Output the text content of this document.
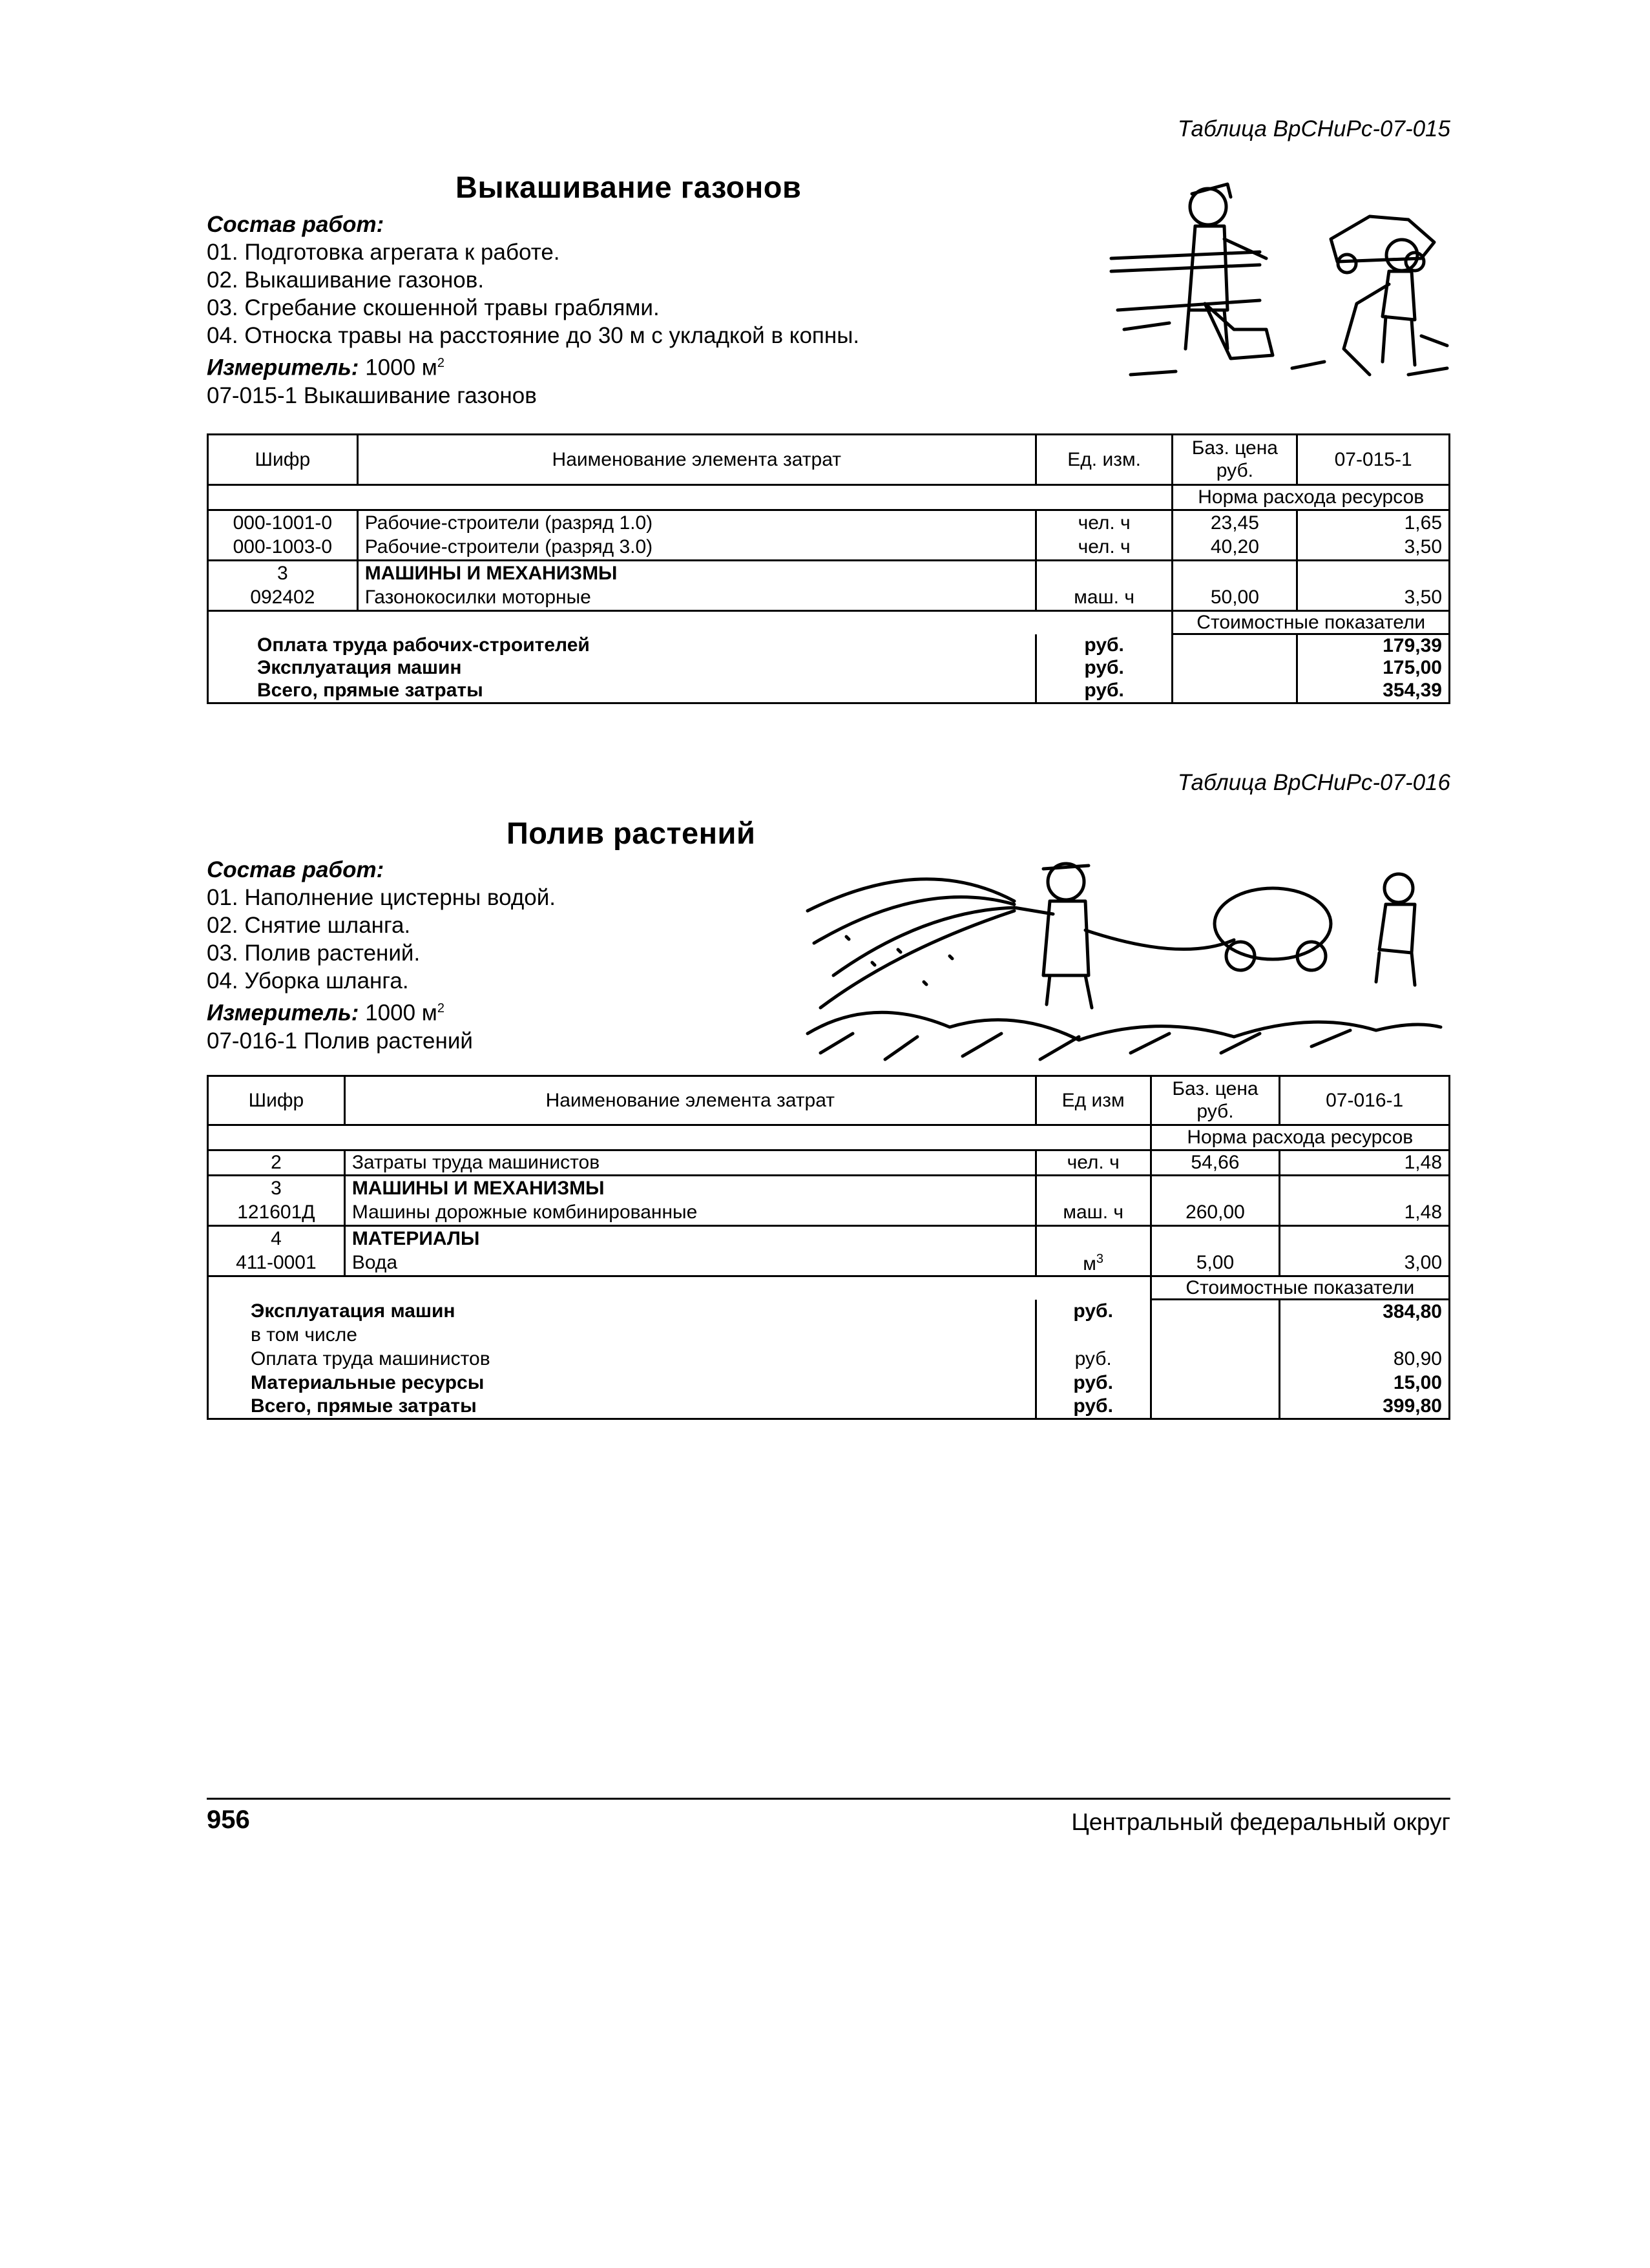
Таблица ВрСНиРс-07-015
Выкашивание газонов
Состав работ:
01. Подготовка агрегата к работе.
02. Выкашивание газонов.
03. Сгребание скошенной травы граблями.
04. Относка травы на расстояние до 30 м с укладкой в копны.
Измеритель: 1000 $м^2$
07-015-1 Выкашивание газонов
Шифр	Наименование элемента затрат	Ед. изм.	Баз. цена руб.	07-015-1
			Норма расхода ресурсов	
000-1001-0	Рабочие-строители (разряд 1.0)	чел. ч	23,45	1,65
000-1003-0	Рабочие-строители (разряд 3.0)	чел. ч	40,20	3,50
3	МАШИНЫ И МЕХАНИЗМЫ			
092402	Газонокосилки моторные	маш. ч	50,00	3,50
			Стоимостные показатели	
Оплата труда рабочих-строителей		руб.		179,39
Эксплуатация машин		руб.		175,00
Всего, прямые затраты		руб.		354,39
Таблица ВрСНиРс-07-016
Полив растений
Состав работ:
01. Наполнение цистерны водой.
02. Снятие шланга.
03. Полив растений.
04. Уборка шланга.
Измеритель: 1000 $м^2$
07-016-1 Полив растений
Шифр	Наименование элемента затрат	Ед изм	Баз. цена руб.	07-016-1
			Норма расхода ресурсов	
2	Затраты труда машинистов	чел. ч	54,66	1,48
3	МАШИНЫ И МЕХАНИЗМЫ			
121601Д	Машины дорожные комбинированные	маш. ч	260,00	1,48
4	МАТЕРИАЛЫ			
411-0001	Вода	$м^3$	5,00	3,00
			Стоимостные показатели	
Эксплуатация машин		руб.		384,80
в том числе				
Оплата труда машинистов		руб.		80,90
Материальные ресурсы		руб.		15,00
Всего, прямые затраты		руб.		399,80
956	Центральный федеральный округ
